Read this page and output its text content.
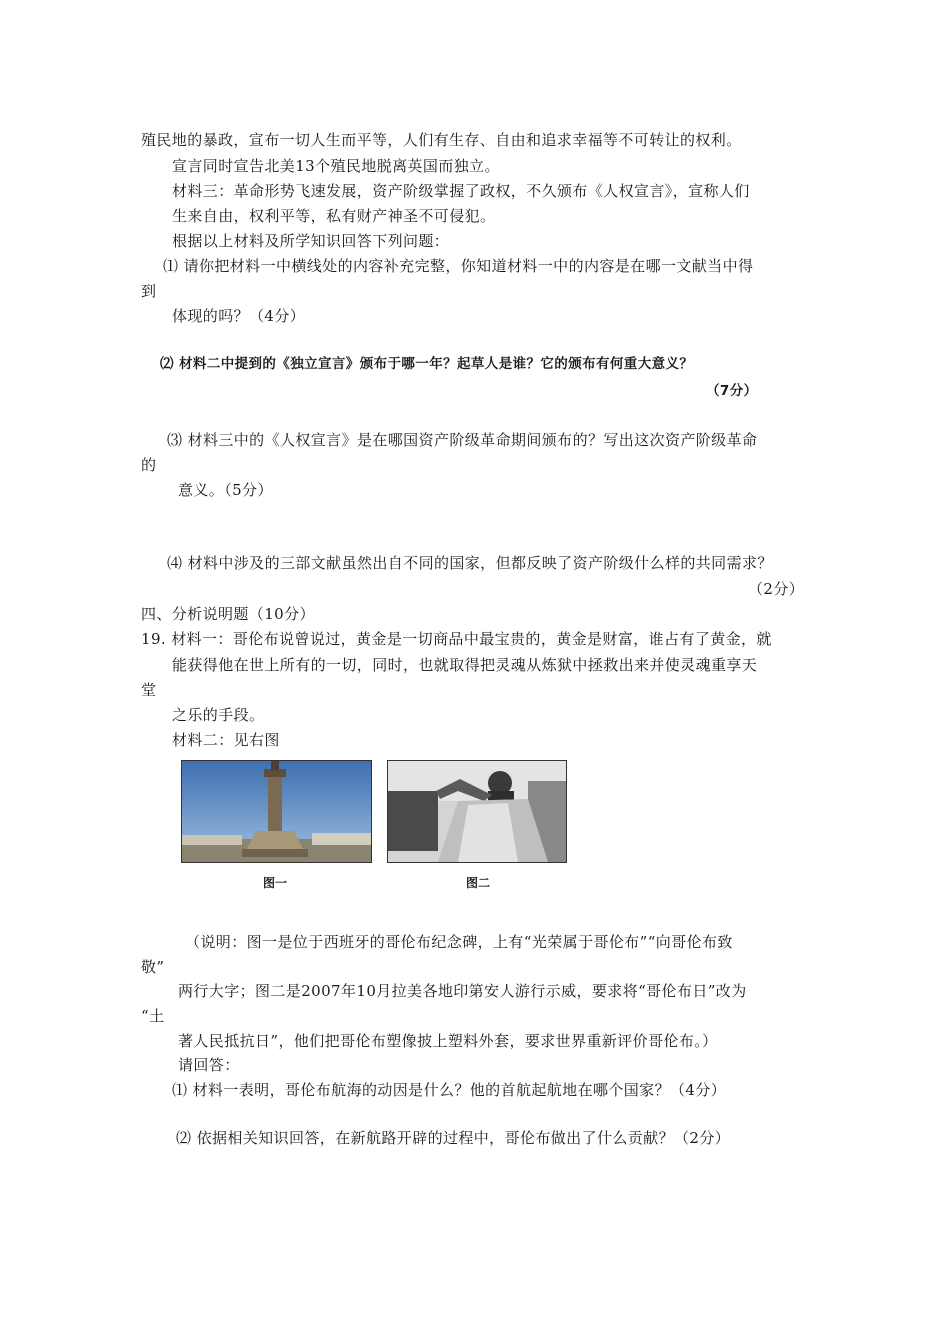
殖民地的暴政，宣布一切人生而平等，人们有生存、自由和追求幸福等不可转让的权利。
宣言同时宣告北美13个殖民地脱离英国而独立。
材料三：革命形势飞速发展，资产阶级掌握了政权，不久颁布《人权宣言》，宣称人们
生来自由，权利平等，私有财产神圣不可侵犯。
根据以上材料及所学知识回答下列问题：
⑴ 请你把材料一中横线处的内容补充完整，你知道材料一中的内容是在哪一文献当中得
到
体现的吗？（4分）
⑵ 材料二中提到的《独立宣言》颁布于哪一年？起草人是谁？它的颁布有何重大意义？
（7分）
⑶ 材料三中的《人权宣言》是在哪国资产阶级革命期间颁布的？写出这次资产阶级革命
的
意义。（5分）
⑷ 材料中涉及的三部文献虽然出自不同的国家，但都反映了资产阶级什么样的共同需求？
（2分）
四、分析说明题（10分）
19. 材料一：哥伦布说曾说过，黄金是一切商品中最宝贵的，黄金是财富，谁占有了黄金，就
能获得他在世上所有的一切，同时，也就取得把灵魂从炼狱中拯救出来并使灵魂重享天
堂
之乐的手段。
材料二：见右图
图一	图二
（说明：图一是位于西班牙的哥伦布纪念碑，上有“光荣属于哥伦布”“向哥伦布致
敬”
两行大字；图二是2007年10月拉美各地印第安人游行示威，要求将“哥伦布日”改为
“土
著人民抵抗日”，他们把哥伦布塑像披上塑料外套，要求世界重新评价哥伦布。）
请回答：
⑴ 材料一表明，哥伦布航海的动因是什么？他的首航起航地在哪个国家？（4分）
⑵ 依据相关知识回答，在新航路开辟的过程中，哥伦布做出了什么贡献？（2分）
